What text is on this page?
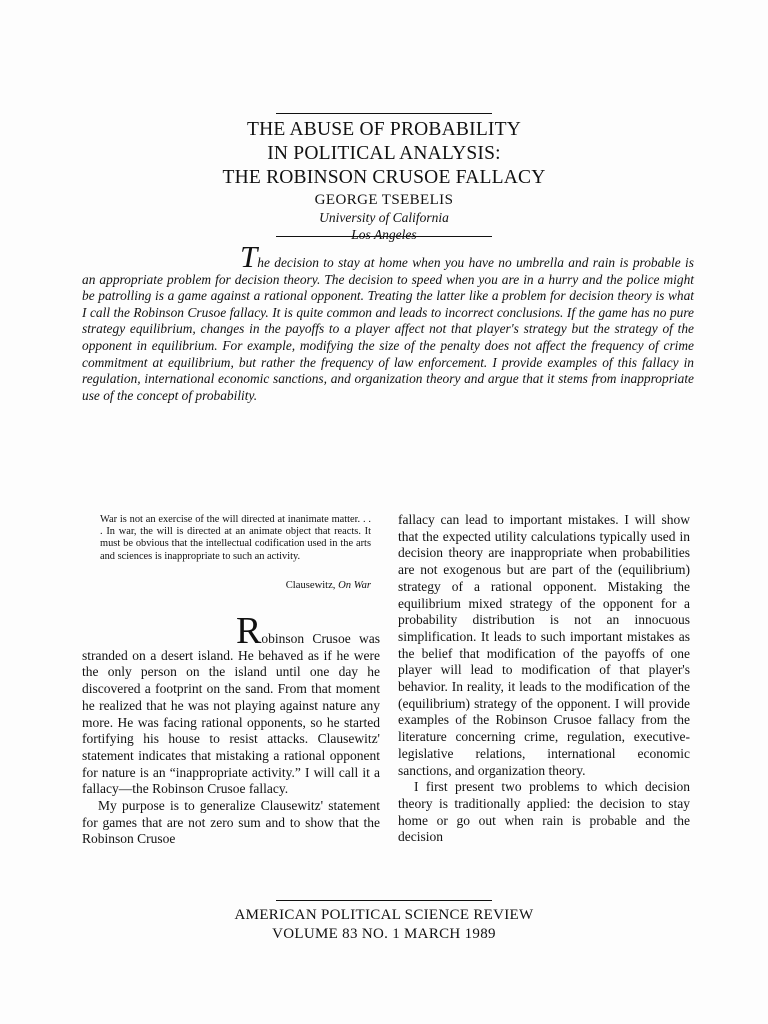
THE ABUSE OF PROBABILITY
IN POLITICAL ANALYSIS:
THE ROBINSON CRUSOE FALLACY
GEORGE TSEBELIS
University of California
Los Angeles
The decision to stay at home when you have no umbrella and rain is probable is an appropriate problem for decision theory. The decision to speed when you are in a hurry and the police might be patrolling is a game against a rational opponent. Treating the latter like a problem for decision theory is what I call the Robinson Crusoe fallacy. It is quite common and leads to incorrect conclusions. If the game has no pure strategy equilibrium, changes in the payoffs to a player affect not that player's strategy but the strategy of the opponent in equilibrium. For example, modifying the size of the penalty does not affect the frequency of crime commitment at equilibrium, but rather the frequency of law enforcement. I provide examples of this fallacy in regulation, international economic sanctions, and organization theory and argue that it stems from inappropriate use of the concept of probability.
War is not an exercise of the will directed at inanimate matter. . . . In war, the will is directed at an animate object that reacts. It must be obvious that the intellectual codification used in the arts and sciences is inappropriate to such an activity.
Clausewitz, On War

Robinson Crusoe was stranded on a desert island. He behaved as if he were the only person on the island until one day he discovered a footprint on the sand. From that moment he realized that he was not playing against nature any more. He was facing rational opponents, so he started fortifying his house to resist attacks. Clausewitz' statement indicates that mistaking a rational opponent for nature is an “inappropriate activity.” I will call it a fallacy—the Robinson Crusoe fallacy.

My purpose is to generalize Clausewitz' statement for games that are not zero sum and to show that the Robinson Crusoe

fallacy can lead to important mistakes. I will show that the expected utility calculations typically used in decision theory are inappropriate when probabilities are not exogenous but are part of the (equilibrium) strategy of a rational opponent. Mistaking the equilibrium mixed strategy of the opponent for a probability distribution is not an innocuous simplification. It leads to such important mistakes as the belief that modification of the payoffs of one player will lead to modification of that player's behavior. In reality, it leads to the modification of the (equilibrium) strategy of the opponent. I will provide examples of the Robinson Crusoe fallacy from the literature concerning crime, regulation, executive-legislative relations, international economic sanctions, and organization theory.

I first present two problems to which decision theory is traditionally applied: the decision to stay home or go out when rain is probable and the decision

AMERICAN POLITICAL SCIENCE REVIEW
VOLUME 83 NO. 1 MARCH 1989
